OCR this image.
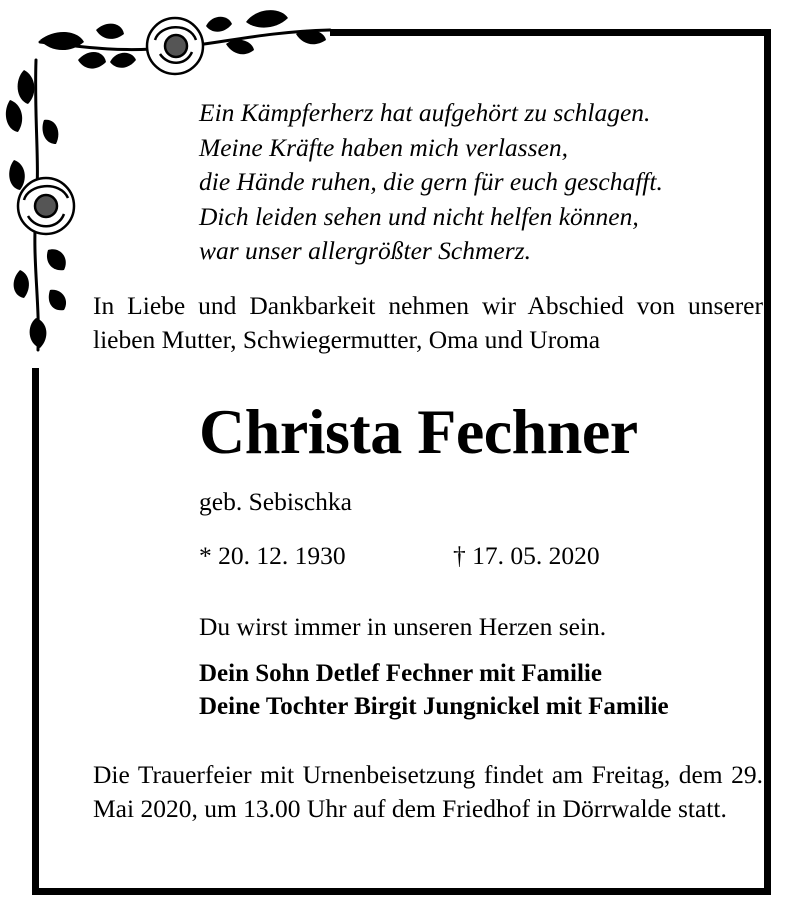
Ein Kämpferherz hat aufgehört zu schlagen.
Meine Kräfte haben mich verlassen,
die Hände ruhen, die gern für euch geschafft.
Dich leiden sehen und nicht helfen können,
war unser allergrößter Schmerz.
In Liebe und Dankbarkeit nehmen wir Abschied von unserer lieben Mutter, Schwiegermutter, Oma und Uroma
Christa Fechner
geb. Sebischka
* 20. 12. 1930	† 17. 05. 2020
Du wirst immer in unseren Herzen sein.
Dein Sohn Detlef Fechner mit Familie
Deine Tochter Birgit Jungnickel mit Familie
Die Trauerfeier mit Urnenbeisetzung findet am Freitag, dem 29. Mai 2020, um 13.00 Uhr auf dem Friedhof in Dörrwalde statt.
